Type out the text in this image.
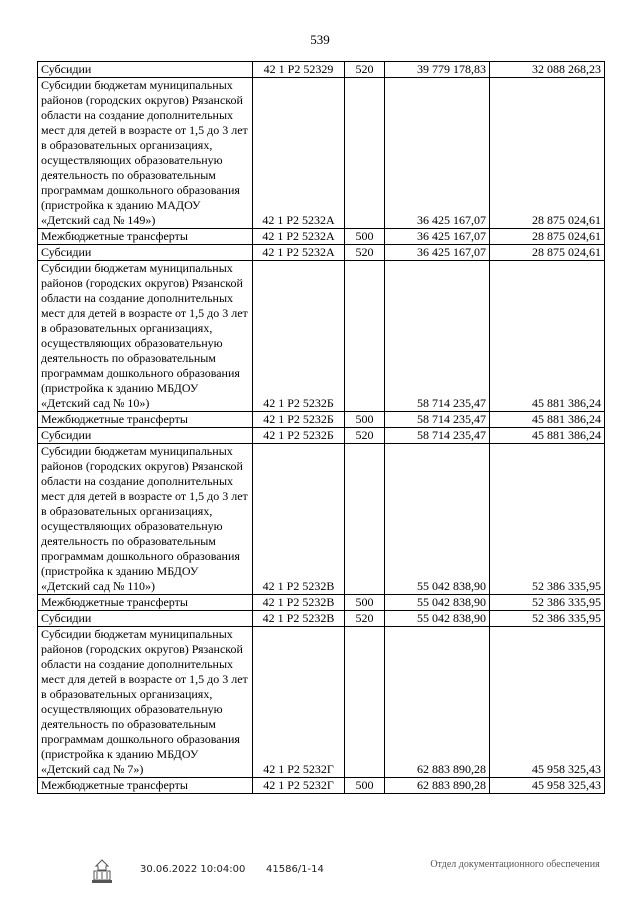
539
Субсидии	42 1 Р2 52329	520	39 779 178,83	32 088 268,23
Субсидии бюджетам муниципальных районов (городских округов) Рязанской области на создание дополнительных мест для детей в возрасте от 1,5 до 3 лет в образовательных организациях, осуществляющих образовательную деятельность по образовательным программам дошкольного образования (пристройка к зданию МАДОУ «Детский сад № 149»)	42 1 Р2 5232А		36 425 167,07	28 875 024,61
Межбюджетные трансферты	42 1 Р2 5232А	500	36 425 167,07	28 875 024,61
Субсидии	42 1 Р2 5232А	520	36 425 167,07	28 875 024,61
Субсидии бюджетам муниципальных районов (городских округов) Рязанской области на создание дополнительных мест для детей в возрасте от 1,5 до 3 лет в образовательных организациях, осуществляющих образовательную деятельность по образовательным программам дошкольного образования (пристройка к зданию МБДОУ «Детский сад № 10»)	42 1 Р2 5232Б		58 714 235,47	45 881 386,24
Межбюджетные трансферты	42 1 Р2 5232Б	500	58 714 235,47	45 881 386,24
Субсидии	42 1 Р2 5232Б	520	58 714 235,47	45 881 386,24
Субсидии бюджетам муниципальных районов (городских округов) Рязанской области на создание дополнительных мест для детей в возрасте от 1,5 до 3 лет в образовательных организациях, осуществляющих образовательную деятельность по образовательным программам дошкольного образования (пристройка к зданию МБДОУ «Детский сад № 110»)	42 1 Р2 5232В		55 042 838,90	52 386 335,95
Межбюджетные трансферты	42 1 Р2 5232В	500	55 042 838,90	52 386 335,95
Субсидии	42 1 Р2 5232В	520	55 042 838,90	52 386 335,95
Субсидии бюджетам муниципальных районов (городских округов) Рязанской области на создание дополнительных мест для детей в возрасте от 1,5 до 3 лет в образовательных организациях, осуществляющих образовательную деятельность по образовательным программам дошкольного образования (пристройка к зданию МБДОУ «Детский сад № 7»)	42 1 Р2 5232Г		62 883 890,28	45 958 325,43
Межбюджетные трансферты	42 1 Р2 5232Г	500	62 883 890,28	45 958 325,43
30.06.2022 10:04:00 41586/1-14	Отдел документационного обеспечения
